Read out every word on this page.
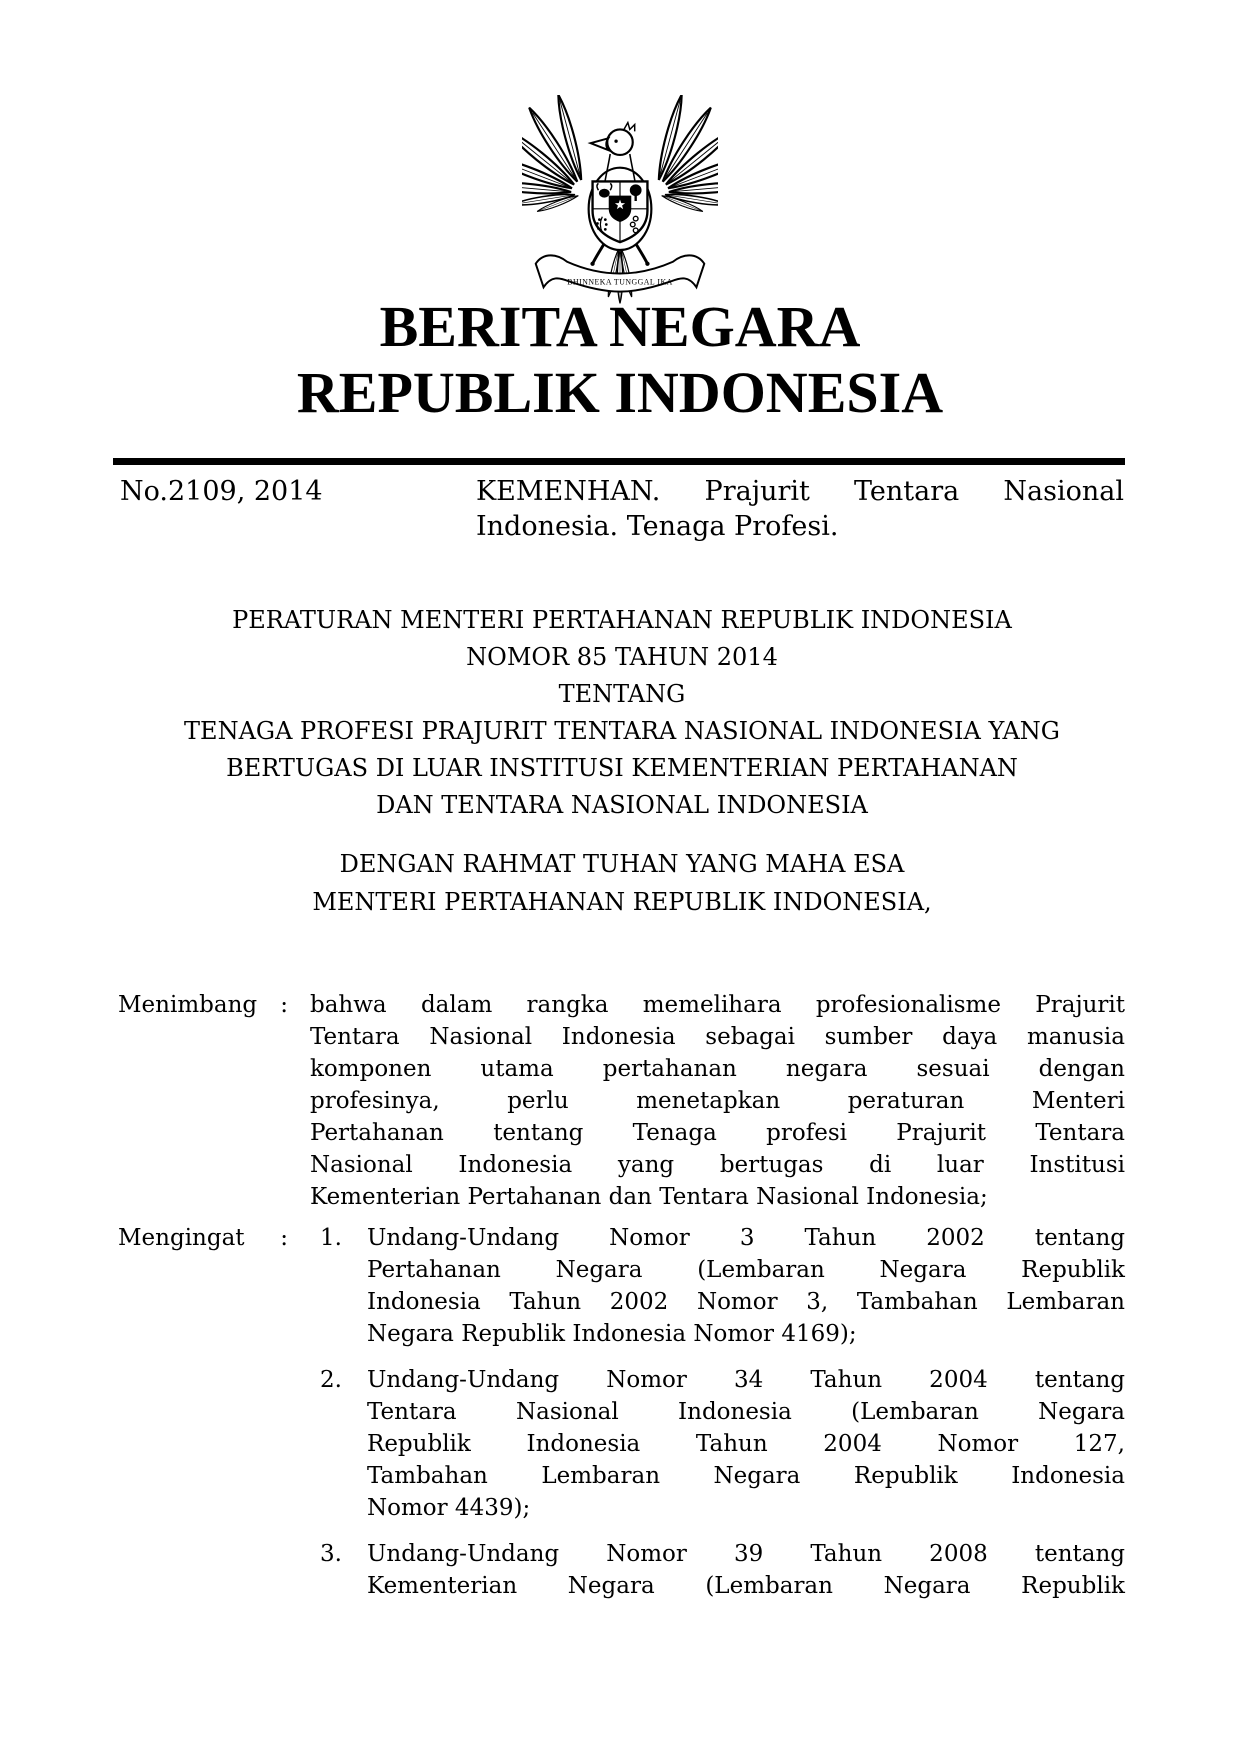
BHINNEKA TUNGGAL IKA
BERITA NEGARA
REPUBLIK INDONESIA
No.2109, 2014	KEMENHAN. Prajurit Tentara Nasional
Indonesia. Tenaga Profesi.
PERATURAN MENTERI PERTAHANAN REPUBLIK INDONESIA
NOMOR 85 TAHUN 2014
TENTANG
TENAGA PROFESI PRAJURIT TENTARA NASIONAL INDONESIA YANG
BERTUGAS DI LUAR INSTITUSI KEMENTERIAN PERTAHANAN
DAN TENTARA NASIONAL INDONESIA
DENGAN RAHMAT TUHAN YANG MAHA ESA
MENTERI PERTAHANAN REPUBLIK INDONESIA,
Menimbang : bahwa dalam rangka memelihara profesionalisme Prajurit
Tentara Nasional Indonesia sebagai sumber daya manusia
komponen utama pertahanan negara sesuai dengan
profesinya, perlu menetapkan peraturan Menteri
Pertahanan tentang Tenaga profesi Prajurit Tentara
Nasional Indonesia yang bertugas di luar Institusi
Kementerian Pertahanan dan Tentara Nasional Indonesia;
Mengingat : 1.	Undang-Undang Nomor 3 Tahun 2002 tentang
Pertahanan Negara (Lembaran Negara Republik
Indonesia Tahun 2002 Nomor 3, Tambahan Lembaran
Negara Republik Indonesia Nomor 4169);
2.	Undang-Undang Nomor 34 Tahun 2004 tentang
Tentara Nasional Indonesia (Lembaran Negara
Republik Indonesia Tahun 2004 Nomor 127,
Tambahan Lembaran Negara Republik Indonesia
Nomor 4439);
3.	Undang-Undang Nomor 39 Tahun 2008 tentang
Kementerian Negara (Lembaran Negara Republik
